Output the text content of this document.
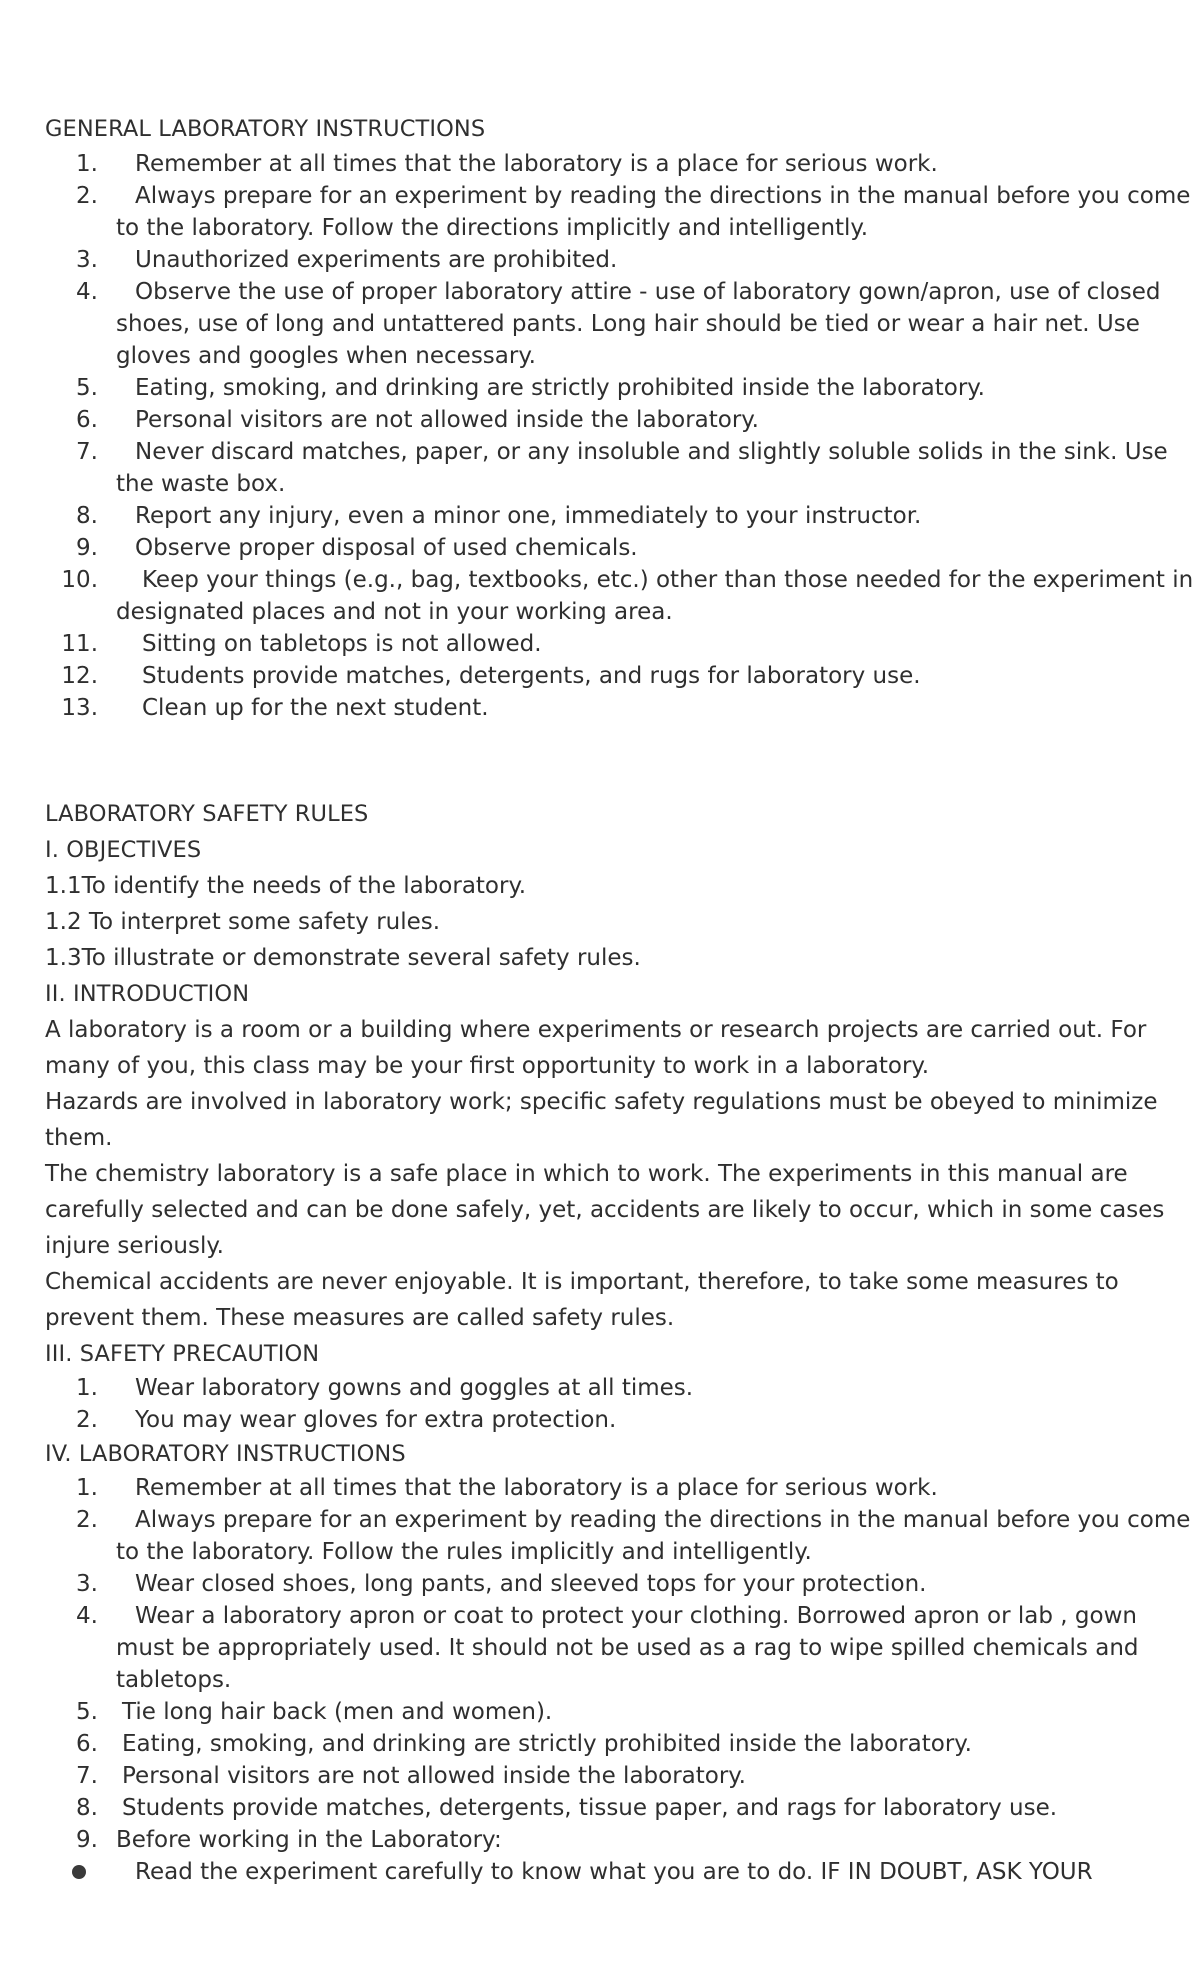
GENERAL LABORATORY INSTRUCTIONS
1. Remember at all times that the laboratory is a place for serious work.
2. Always prepare for an experiment by reading the directions in the manual before you come
to the laboratory. Follow the directions implicitly and intelligently.
3. Unauthorized experiments are prohibited.
4. Observe the use of proper laboratory attire - use of laboratory gown/apron, use of closed
shoes, use of long and untattered pants. Long hair should be tied or wear a hair net. Use
gloves and googles when necessary.
5. Eating, smoking, and drinking are strictly prohibited inside the laboratory.
6. Personal visitors are not allowed inside the laboratory.
7. Never discard matches, paper, or any insoluble and slightly soluble solids in the sink. Use
the waste box.
8. Report any injury, even a minor one, immediately to your instructor.
9. Observe proper disposal of used chemicals.
10. Keep your things (e.g., bag, textbooks, etc.) other than those needed for the experiment in
designated places and not in your working area.
11. Sitting on tabletops is not allowed.
12. Students provide matches, detergents, and rugs for laboratory use.
13. Clean up for the next student.
LABORATORY SAFETY RULES
I. OBJECTIVES
1.1To identify the needs of the laboratory.
1.2 To interpret some safety rules.
1.3To illustrate or demonstrate several safety rules.
II. INTRODUCTION
A laboratory is a room or a building where experiments or research projects are carried out. For
many of you, this class may be your first opportunity to work in a laboratory.
Hazards are involved in laboratory work; specific safety regulations must be obeyed to minimize
them.
The chemistry laboratory is a safe place in which to work. The experiments in this manual are
carefully selected and can be done safely, yet, accidents are likely to occur, which in some cases
injure seriously.
Chemical accidents are never enjoyable. It is important, therefore, to take some measures to
prevent them. These measures are called safety rules.
III. SAFETY PRECAUTION
1. Wear laboratory gowns and goggles at all times.
2. You may wear gloves for extra protection.
IV. LABORATORY INSTRUCTIONS
1. Remember at all times that the laboratory is a place for serious work.
2. Always prepare for an experiment by reading the directions in the manual before you come
to the laboratory. Follow the rules implicitly and intelligently.
3. Wear closed shoes, long pants, and sleeved tops for your protection.
4. Wear a laboratory apron or coat to protect your clothing. Borrowed apron or lab , gown
must be appropriately used. It should not be used as a rag to wipe spilled chemicals and
tabletops.
5. Tie long hair back (men and women).
6. Eating, smoking, and drinking are strictly prohibited inside the laboratory.
7. Personal visitors are not allowed inside the laboratory.
8. Students provide matches, detergents, tissue paper, and rags for laboratory use.
9. Before working in the Laboratory:
Read the experiment carefully to know what you are to do. IF IN DOUBT, ASK YOUR
